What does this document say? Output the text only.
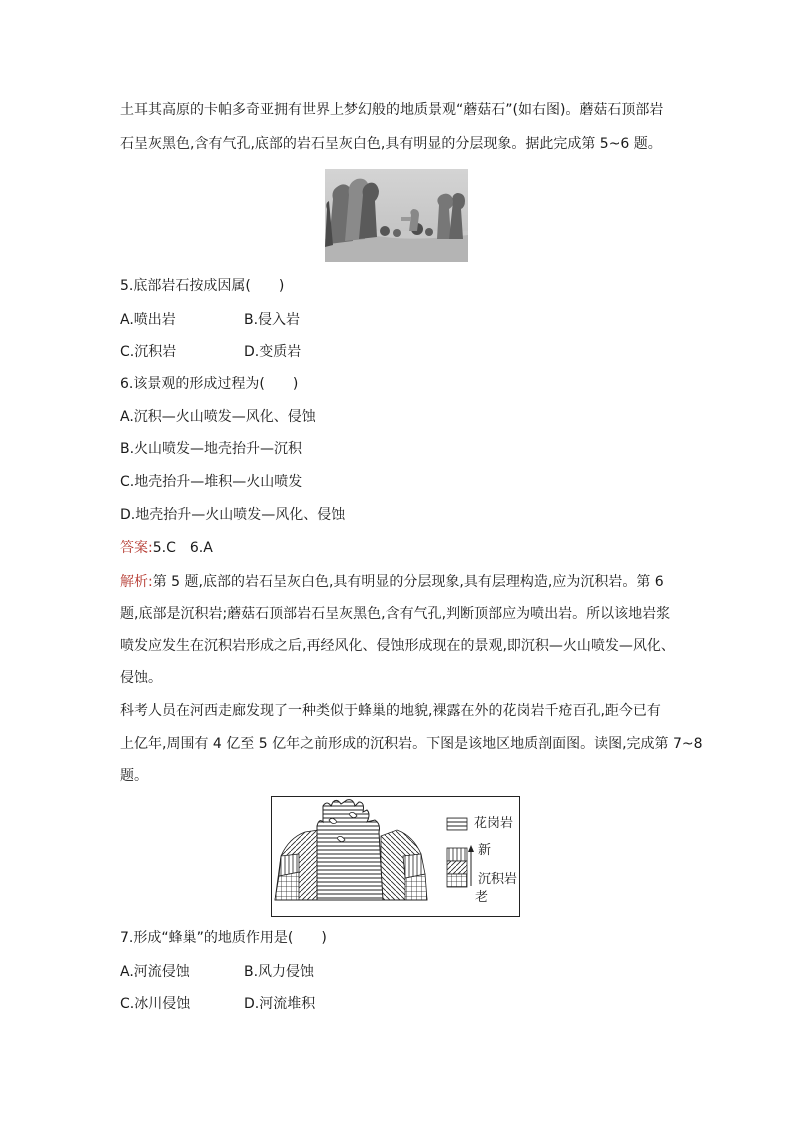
土耳其高原的卡帕多奇亚拥有世界上梦幻般的地质景观“蘑菇石”(如右图)。蘑菇石顶部岩
石呈灰黑色,含有气孔,底部的岩石呈灰白色,具有明显的分层现象。据此完成第 5~6 题。
5.底部岩石按成因属(　　)
A.喷出岩	B.侵入岩
C.沉积岩	D.变质岩
6.该景观的形成过程为(　　)
A.沉积—火山喷发—风化、侵蚀
B.火山喷发—地壳抬升—沉积
C.地壳抬升—堆积—火山喷发
D.地壳抬升—火山喷发—风化、侵蚀
答案:5.C　6.A
解析:第 5 题,底部的岩石呈灰白色,具有明显的分层现象,具有层理构造,应为沉积岩。第 6
题,底部是沉积岩;蘑菇石顶部岩石呈灰黑色,含有气孔,判断顶部应为喷出岩。所以该地岩浆
喷发应发生在沉积岩形成之后,再经风化、侵蚀形成现在的景观,即沉积—火山喷发—风化、
侵蚀。
科考人员在河西走廊发现了一种类似于蜂巢的地貌,裸露在外的花岗岩千疮百孔,距今已有
上亿年,周围有 4 亿至 5 亿年之前形成的沉积岩。下图是该地区地质剖面图。读图,完成第 7~8
题。
花岗岩
新
沉积岩
老
7.形成“蜂巢”的地质作用是(　　)
A.河流侵蚀	B.风力侵蚀
C.冰川侵蚀	D.河流堆积
